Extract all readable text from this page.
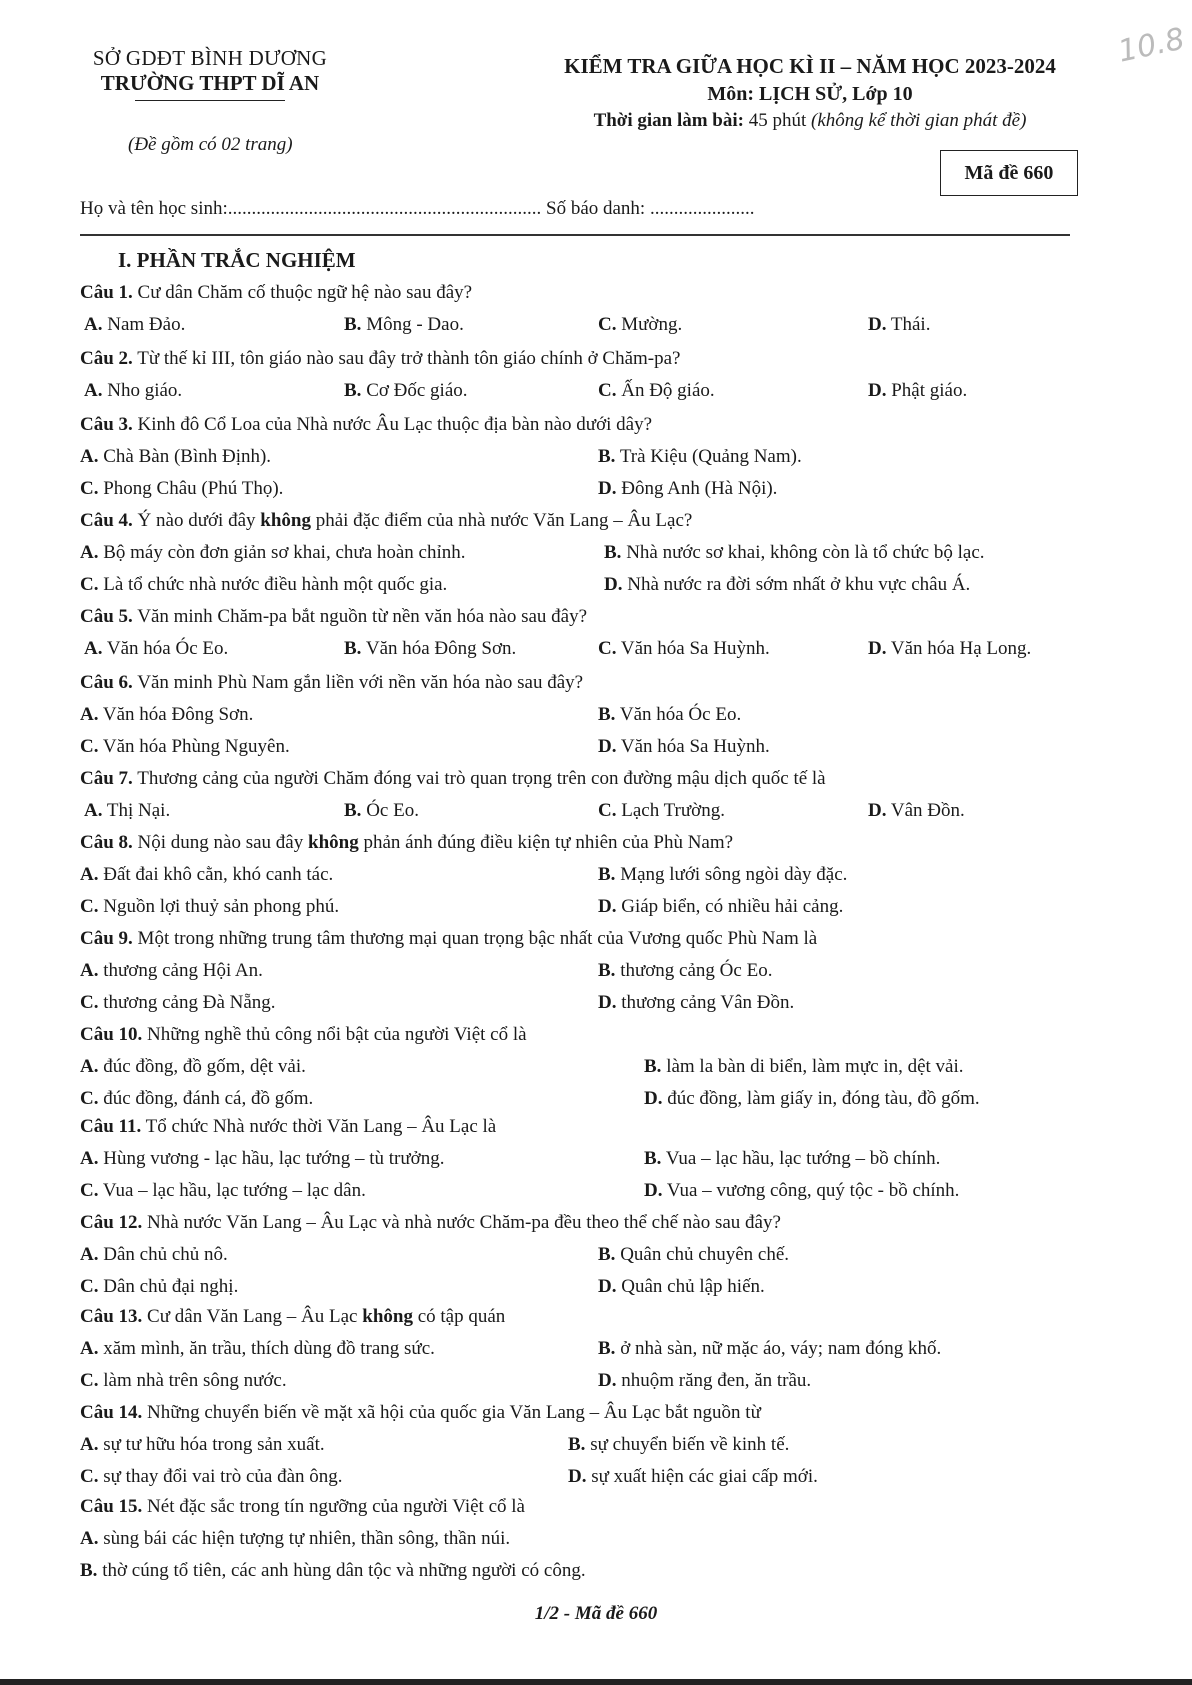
SỞ GDĐT BÌNH DƯƠNG
TRƯỜNG THPT DĨ AN
(Đề gồm có 02 trang)
KIỂM TRA GIỮA HỌC KÌ II – NĂM HỌC 2023-2024
Môn: LỊCH SỬ, Lớp 10
Thời gian làm bài: 45 phút (không kể thời gian phát đề)
Mã đề 660
10.8
Họ và tên học sinh:.................................................................. Số báo danh: ......................
I. PHẦN TRẮC NGHIỆM
Câu 1. Cư dân Chăm cố thuộc ngữ hệ nào sau đây?
A. Nam Đảo.	B. Mông - Dao.	C. Mường.	D. Thái.
Câu 2. Từ thế kỉ III, tôn giáo nào sau đây trở thành tôn giáo chính ở Chăm-pa?
A. Nho giáo.	B. Cơ Đốc giáo.	C. Ấn Độ giáo.	D. Phật giáo.
Câu 3. Kinh đô Cổ Loa của Nhà nước Âu Lạc thuộc địa bàn nào dưới dây?
A. Chà Bàn (Bình Định).	B. Trà Kiệu (Quảng Nam).
C. Phong Châu (Phú Thọ).	D. Đông Anh (Hà Nội).
Câu 4. Ý nào dưới đây không phải đặc điểm của nhà nước Văn Lang – Âu Lạc?
A. Bộ máy còn đơn giản sơ khai, chưa hoàn chỉnh.	B. Nhà nước sơ khai, không còn là tổ chức bộ lạc.
C. Là tổ chức nhà nước điều hành một quốc gia.	D. Nhà nước ra đời sớm nhất ở khu vực châu Á.
Câu 5. Văn minh Chăm-pa bắt nguồn từ nền văn hóa nào sau đây?
A. Văn hóa Óc Eo.	B. Văn hóa Đông Sơn.	C. Văn hóa Sa Huỳnh.	D. Văn hóa Hạ Long.
Câu 6. Văn minh Phù Nam gắn liền với nền văn hóa nào sau đây?
A. Văn hóa Đông Sơn.	B. Văn hóa Óc Eo.
C. Văn hóa Phùng Nguyên.	D. Văn hóa Sa Huỳnh.
Câu 7. Thương cảng của người Chăm đóng vai trò quan trọng trên con đường mậu dịch quốc tế là
A. Thị Nại.	B. Óc Eo.	C. Lạch Trường.	D. Vân Đồn.
Câu 8. Nội dung nào sau đây không phản ánh đúng điều kiện tự nhiên của Phù Nam?
A. Đất đai khô cằn, khó canh tác.	B. Mạng lưới sông ngòi dày đặc.
C. Nguồn lợi thuỷ sản phong phú.	D. Giáp biển, có nhiều hải cảng.
Câu 9. Một trong những trung tâm thương mại quan trọng bậc nhất của Vương quốc Phù Nam là
A. thương cảng Hội An.	B. thương cảng Óc Eo.
C. thương cảng Đà Nẵng.	D. thương cảng Vân Đồn.
Câu 10. Những nghề thủ công nổi bật của người Việt cổ là
A. đúc đồng, đồ gốm, dệt vải.	B. làm la bàn di biển, làm mực in, dệt vải.
C. đúc đồng, đánh cá, đồ gốm.	D. đúc đồng, làm giấy in, đóng tàu, đồ gốm.
Câu 11. Tổ chức Nhà nước thời Văn Lang – Âu Lạc là
A. Hùng vương - lạc hầu, lạc tướng – tù trưởng.	B. Vua – lạc hầu, lạc tướng – bồ chính.
C. Vua – lạc hầu, lạc tướng – lạc dân.	D. Vua – vương công, quý tộc - bồ chính.
Câu 12. Nhà nước Văn Lang – Âu Lạc và nhà nước Chăm-pa đều theo thể chế nào sau đây?
A. Dân chủ chủ nô.	B. Quân chủ chuyên chế.
C. Dân chủ đại nghị.	D. Quân chủ lập hiến.
Câu 13. Cư dân Văn Lang – Âu Lạc không có tập quán
A. xăm mình, ăn trầu, thích dùng đồ trang sức.	B. ở nhà sàn, nữ mặc áo, váy; nam đóng khố.
C. làm nhà trên sông nước.	D. nhuộm răng đen, ăn trầu.
Câu 14. Những chuyển biến về mặt xã hội của quốc gia Văn Lang – Âu Lạc bắt nguồn từ
A. sự tư hữu hóa trong sản xuất.	B. sự chuyển biến về kinh tế.
C. sự thay đổi vai trò của đàn ông.	D. sự xuất hiện các giai cấp mới.
Câu 15. Nét đặc sắc trong tín ngưỡng của người Việt cổ là
A. sùng bái các hiện tượng tự nhiên, thần sông, thần núi.
B. thờ cúng tổ tiên, các anh hùng dân tộc và những người có công.
1/2 - Mã đề 660
